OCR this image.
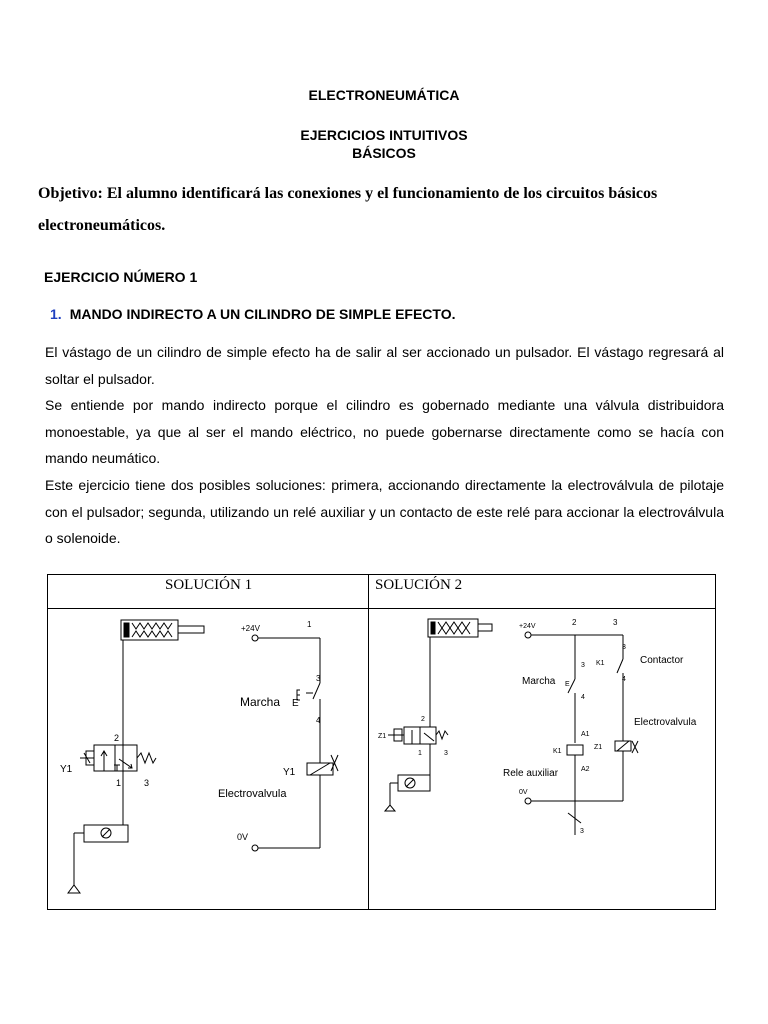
ELECTRONEUMÁTICA
EJERCICIOS INTUITIVOS
BÁSICOS
Objetivo: El alumno identificará las conexiones y el funcionamiento de los circuitos básicos electroneumáticos.
EJERCICIO NÚMERO 1
1. MANDO INDIRECTO A UN CILINDRO DE SIMPLE EFECTO.

El vástago de un cilindro de simple efecto ha de salir al ser accionado un pulsador. El vástago regresará al soltar el pulsador.

Se entiende por mando indirecto porque el cilindro es gobernado mediante una válvula distribuidora monoestable, ya que al ser el mando eléctrico, no puede gobernarse directamente como se hacía con mando neumático.

Este ejercicio tiene dos posibles soluciones: primera, accionando directamente la electroválvula de pilotaje con el pulsador; segunda, utilizando un relé auxiliar y un contacto de este relé para accionar la electroválvula o solenoide.

SOLUCIÓN 1	SOLUCIÓN 2
2
1	3
Y1
+24V	1
3
4
Marcha E
Y1
Electrovalvula
0V
2
1	3
Z1
+24V	2	3
Marcha E
3
4
K1
3
4
Contactor
A1
A2
K1
Rele auxiliar
Z1
Electrovalvula
0V
3
